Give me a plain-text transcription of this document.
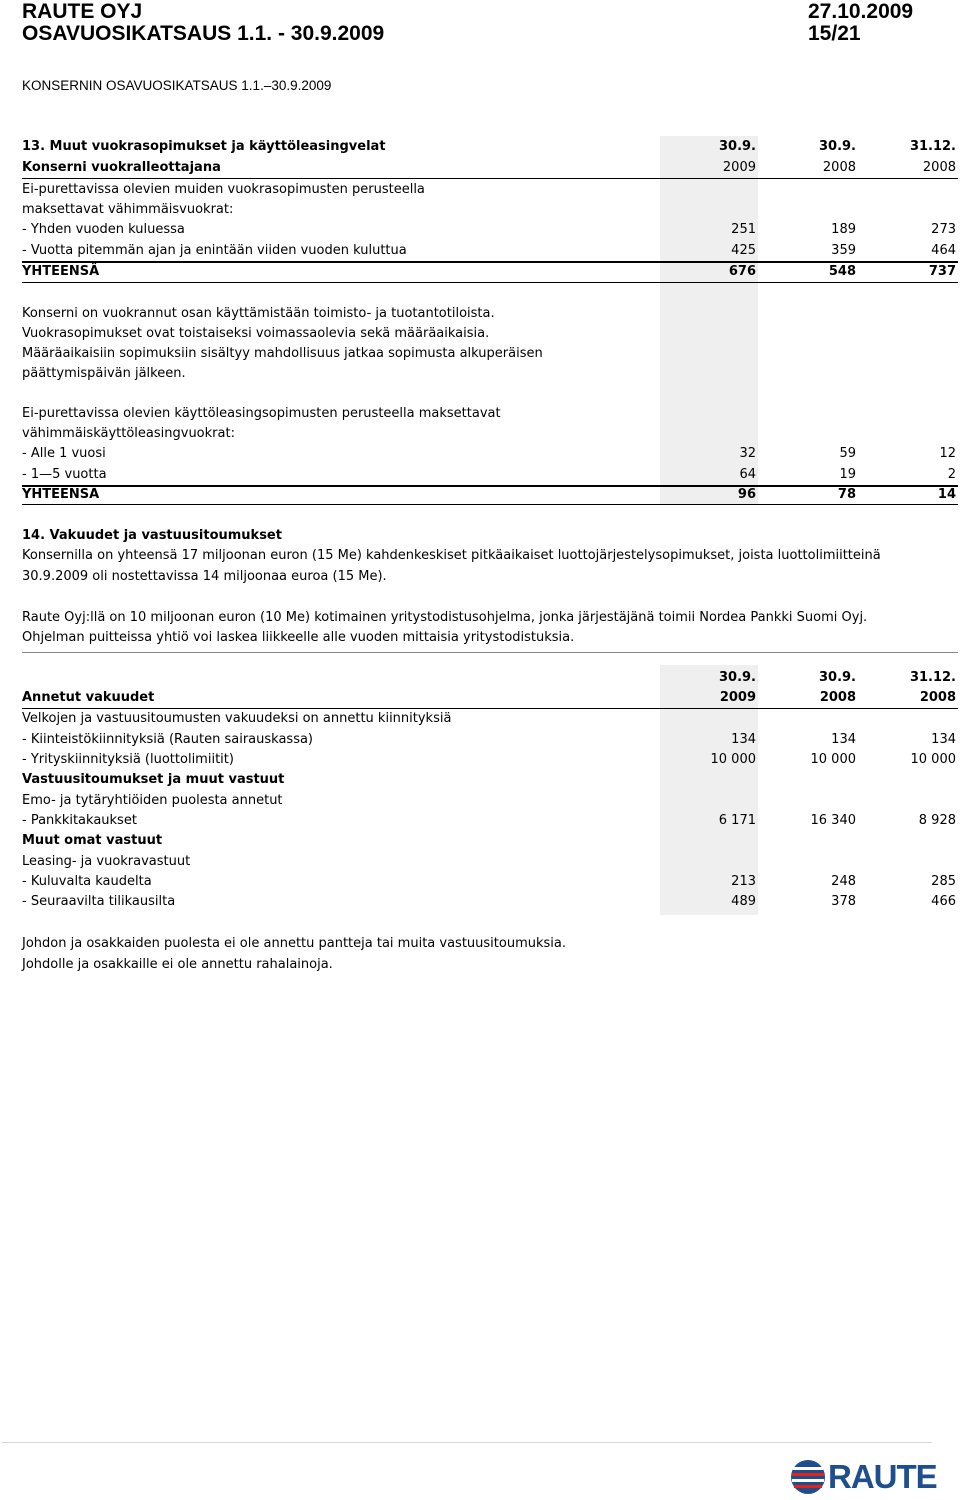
RAUTE OYJ
OSAVUOSIKATSAUS 1.1. - 30.9.2009
27.10.2009
15/21
KONSERNIN OSAVUOSIKATSAUS 1.1.–30.9.2009
13. Muut vuokrasopimukset ja käyttöleasingvelat
Konserni vuokralleottajana
30.9.	30.9.	31.12.
2009	2008	2008
Ei-purettavissa olevien muiden vuokrasopimusten perusteella
maksettavat vähimmäisvuokrat:
- Yhden vuoden kuluessa	251	189	273
- Vuotta pitemmän ajan ja enintään viiden vuoden kuluttua	425	359	464
YHTEENSÄ	676	548	737
Konserni on vuokrannut osan käyttämistään toimisto- ja tuotantotiloista.
Vuokrasopimukset ovat toistaiseksi voimassaolevia sekä määräaikaisia.
Määräaikaisiin sopimuksiin sisältyy mahdollisuus jatkaa sopimusta alkuperäisen
päättymispäivän jälkeen.
Ei-purettavissa olevien käyttöleasingsopimusten perusteella maksettavat
vähimmäiskäyttöleasingvuokrat:
- Alle 1 vuosi	32	59	12
- 1—5 vuotta	64	19	2
YHTEENSÄ	96	78	14
14. Vakuudet ja vastuusitoumukset
Konsernilla on yhteensä 17 miljoonan euron (15 Me) kahdenkeskiset pitkäaikaiset luottojärjestelysopimukset, joista luottolimiitteinä
30.9.2009 oli nostettavissa 14 miljoonaa euroa (15 Me).
Raute Oyj:llä on 10 miljoonan euron (10 Me) kotimainen yritystodistusohjelma, jonka järjestäjänä toimii Nordea Pankki Suomi Oyj.
Ohjelman puitteissa yhtiö voi laskea liikkeelle alle vuoden mittaisia yritystodistuksia.
30.9.	30.9.	31.12.
Annetut vakuudet	2009	2008	2008
Velkojen ja vastuusitoumusten vakuudeksi on annettu kiinnityksiä
- Kiinteistökiinnityksiä (Rauten sairauskassa)	134	134	134
- Yrityskiinnityksiä (luottolimiitit)	10 000	10 000	10 000
Vastuusitoumukset ja muut vastuut
Emo- ja tytäryhtiöiden puolesta annetut
- Pankkitakaukset	6 171	16 340	8 928
Muut omat vastuut
Leasing- ja vuokravastuut
- Kuluvalta kaudelta	213	248	285
- Seuraavilta tilikausilta	489	378	466
Johdon ja osakkaiden puolesta ei ole annettu pantteja tai muita vastuusitoumuksia.
Johdolle ja osakkaille ei ole annettu rahalainoja.
RAUTE
